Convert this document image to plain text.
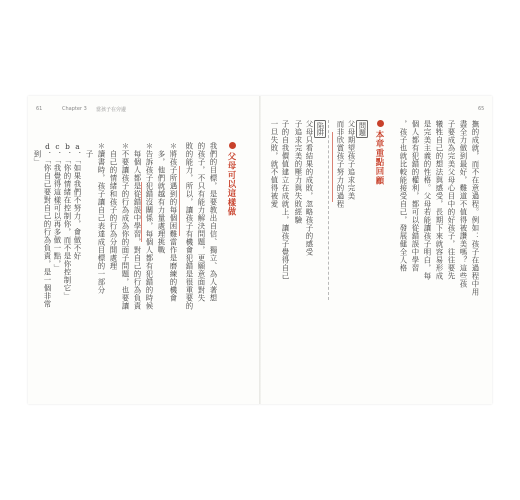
61	Chapter 3 當孩子在旁邊
父母可以這樣做
我們的目標，是要教出自信、獨立、為人著想
的孩子，不只有能力解決問題，更願意面對失
敗的能力，所以，讓孩子有機會犯錯是很重要的
＊將孩子所遇到的每個困難當作是磨練的機會
　多，他們就越有力量處理挑戰
＊告訴孩子犯錯沒關係，每個人都有犯錯的時候
　每個人都是從錯誤中學習，對自己的行為負責
＊不要讓孩子的行為成為你的面子問題，也要讓
　自己的情緒和孩子的行為分開處理
＊讀書時，孩子讓自己表達成目標的一部分
　子
a．「如果我們不努力，會做不好
b．「你的情緒在控制你，而不是你控制它」
c．「我覺得這樣可以再多做一點，」
d．「你自己要對自己的行為負責，是一個非常
　到」
65
撫的成就，而不在意過程。例如：孩子在過程中用
盡全力做到最好，難道不值得被讚美嗎？這些孩
子要成為完美父母心目中的好孩子，往往要先
犧牲自己的想法與感受，長期下來就容易形成
是完美主義的性格。父母若能讓孩子明白，每
個人都有犯錯的權利，都可以從錯誤中學習
，孩子也就比較能接受自己，發展健全人格
本章重點回顧
問題
父母期望孩子追求完美
而非欣賞孩子努力的過程
陷阱
父母只看結果的成敗，忽略孩子的感受
子追求完美的壓力與失敗經驗
子的自我價值建立在成就上，讓孩子覺得自己
一旦失敗，就不值得被愛
